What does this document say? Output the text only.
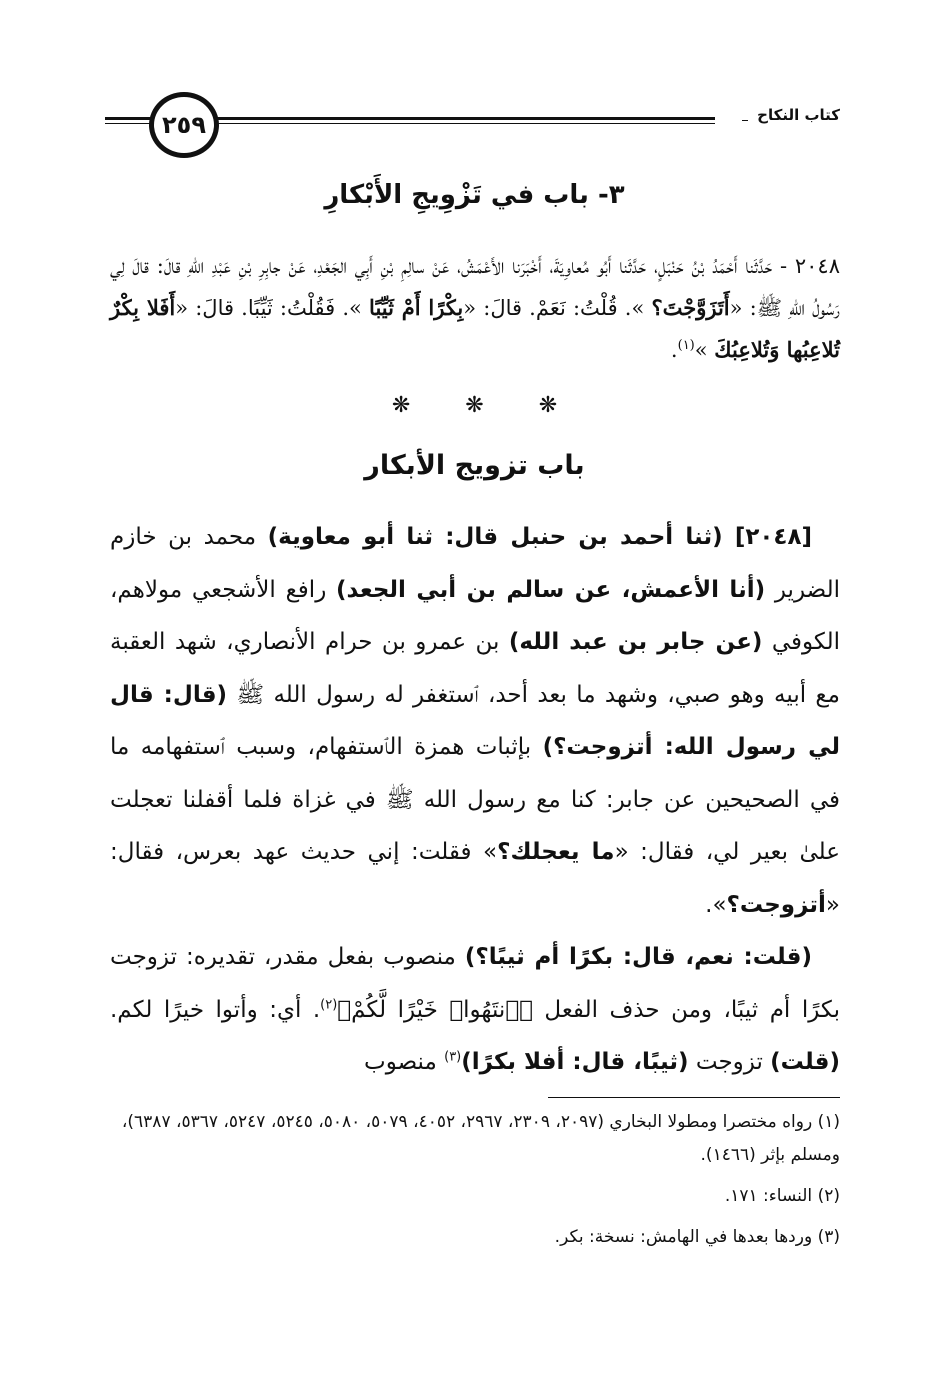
٢٥٩	كتاب النكاح
٣- باب في تَزْوِيجِ الأَبْكارِ
٢٠٤٨ - حَدَّثَنا أَحْمَدُ بْنُ حَنْبَلٍ، حَدَّثَنا أَبُو مُعاوِيَةَ، أَخْبَرَنا الأَعْمَشُ، عَنْ سالِمِ بْنِ أَبِي الجَعْدِ، عَنْ جابِرِ بْنِ عَبْدِ اللهِ قالَ: قالَ لِي رَسُولُ اللهِ ﷺ: «أَتَزَوَّجْتَ؟ ». قُلْتُ: نَعَمْ. قالَ: «بِكْرًا أَمْ ثَيِّبًا ». فَقُلْتُ: ثَيِّبًا. قالَ: «أَفَلا بِكْرٌ تُلاعِبُها وَتُلاعِبُكَ »$^{(١)}$.
❋ ❋ ❋
باب تزويج الأبكار

[٢٠٤٨] (ثنا أحمد بن حنبل قال: ثنا أبو معاوية) محمد بن خازم الضرير (أنا الأعمش، عن سالم بن أبي الجعد) رافع الأشجعي مولاهم، الكوفي (عن جابر بن عبد الله) بن عمرو بن حرام الأنصاري، شهد العقبة مع أبيه وهو صبي، وشهد ما بعد أحد، ٱستغفر له رسول الله ﷺ (قال: قال لي رسول الله: أتزوجت؟) بإثبات همزة الٱستفهام، وسبب ٱستفهامه ما في الصحيحين عن جابر: كنا مع رسول الله ﷺ في غزاة فلما أقفلنا تعجلت علىٰ بعير لي، فقال: «ما يعجلك؟» فقلت: إني حديث عهد بعرس، فقال: «أتزوجت؟».

(قلت: نعم، قال: بكرًا أم ثيبًا؟) منصوب بفعل مقدر، تقديره: تزوجت بكرًا أم ثيبًا، ومن حذف الفعل ﴿ٱنتَهُوا۟ خَيْرًا لَّكُمْ﴾$^{(٢)}$. أي: وأتوا خيرًا لكم. (قلت) تزوجت (ثيبًا، قال: أفلا بكرًا)$^{(٣)}$ منصوب

(١) رواه مختصرا ومطولا البخاري (٢٠٩٧، ٢٣٠٩، ٢٩٦٧، ٤٠٥٢، ٥٠٧٩، ٥٠٨٠، ٥٢٤٥، ٥٢٤٧، ٥٣٦٧، ٦٣٨٧)، ومسلم بإثر (١٤٦٦).
(٢) النساء: ١٧١.
(٣) وردها بعدها في الهامش: نسخة: بكر.
